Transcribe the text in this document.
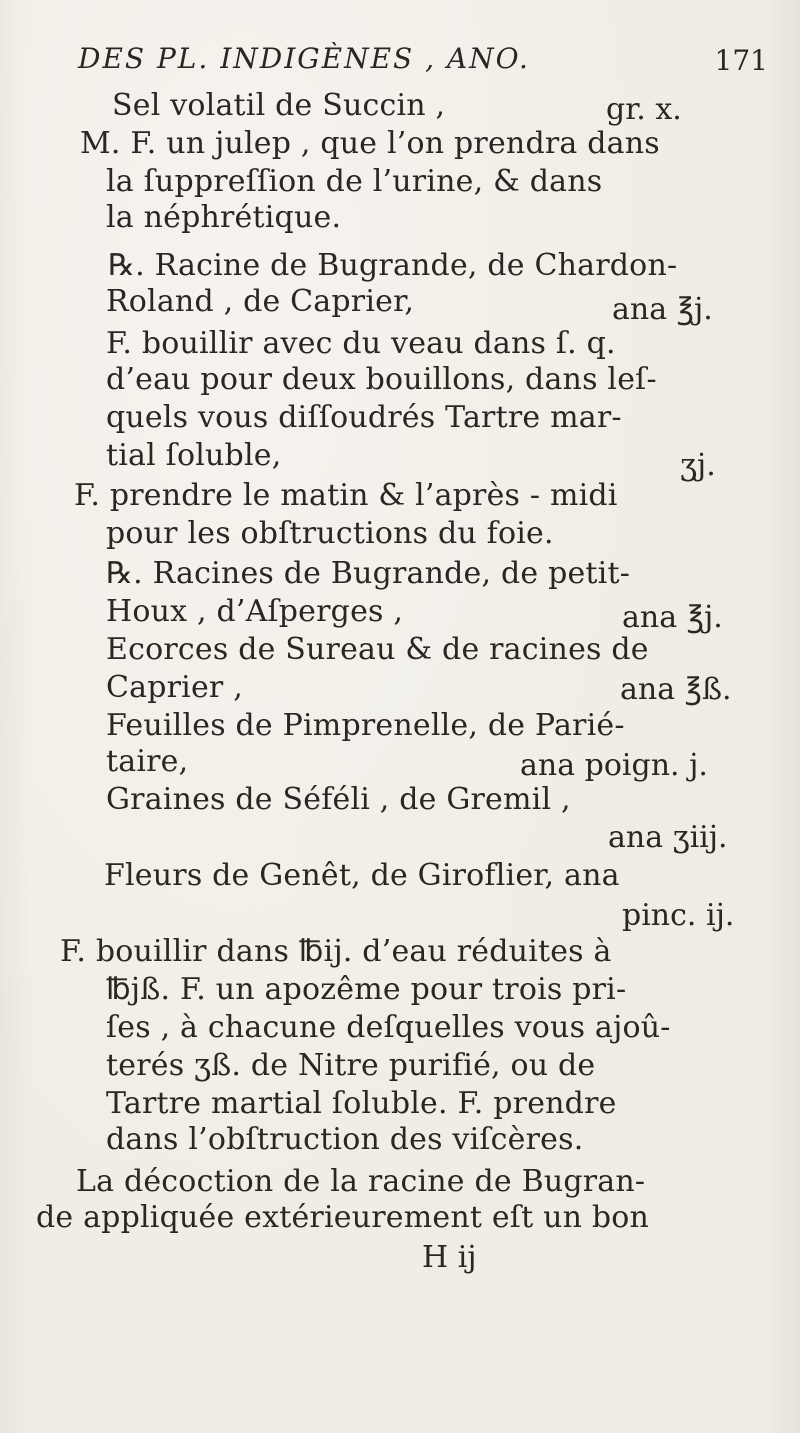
DES PL. INDIGÈNES , ANO.	171
Sel volatil de Succin ,	gr. x.
M. F. un julep , que l’on prendra dans
la ſuppreſſion de l’urine, & dans
la néphrétique.
℞. Racine de Bugrande, de Chardon-
Roland , de Caprier,	ana ℥j.
F. bouillir avec du veau dans ſ. q.
d’eau pour deux bouillons, dans leſ-
quels vous diſſoudrés Tartre mar-
tial ſoluble,	ʒj.
F. prendre le matin & l’après - midi
pour les obſtructions du foie.
℞. Racines de Bugrande, de petit-
Houx , d’Aſperges ,	ana ℥j.
Ecorces de Sureau & de racines de
Caprier ,	ana ℥ß.
Feuilles de Pimprenelle, de Parié-
taire,	ana poign. j.
Graines de Séféli , de Gremil ,
ana ʒiij.
Fleurs de Genêt, de Giroflier, ana
pinc. ij.
F. bouillir dans ℔ij. d’eau réduites à
℔jß. F. un apozême pour trois pri-
ſes , à chacune deſquelles vous ajoû-
terés ʒß. de Nitre purifié, ou de
Tartre martial ſoluble. F. prendre
dans l’obſtruction des viſcères.
La décoction de la racine de Bugran-
de appliquée extérieurement eſt un bon
H ij
